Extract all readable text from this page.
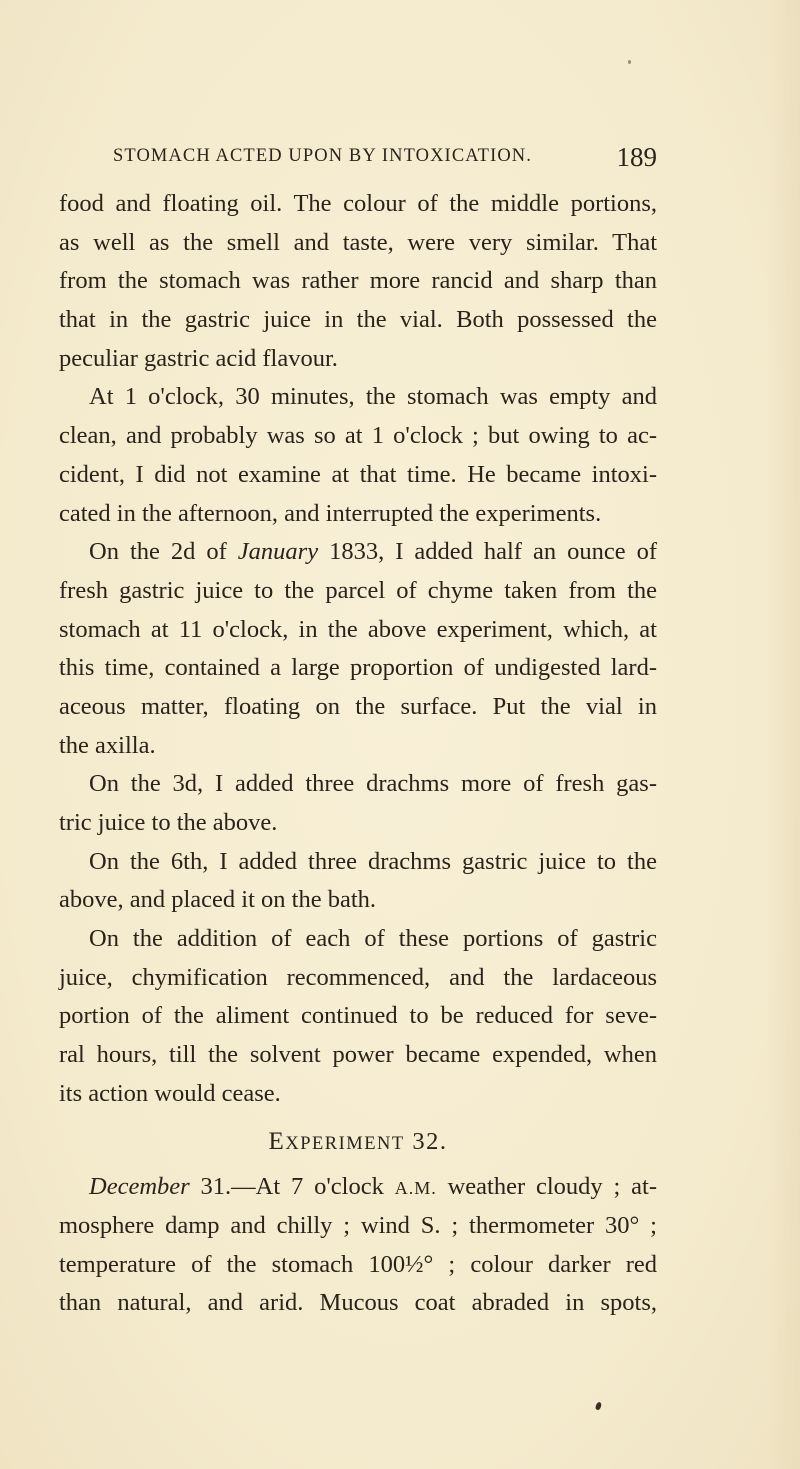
STOMACH ACTED UPON BY INTOXICATION.	189
food and floating oil. The colour of the middle portions,
as well as the smell and taste, were very similar. That
from the stomach was rather more rancid and sharp than
that in the gastric juice in the vial. Both possessed the
peculiar gastric acid flavour.
At 1 o'clock, 30 minutes, the stomach was empty and
clean, and probably was so at 1 o'clock ; but owing to ac-
cident, I did not examine at that time. He became intoxi-
cated in the afternoon, and interrupted the experiments.
On the 2d of January 1833, I added half an ounce of
fresh gastric juice to the parcel of chyme taken from the
stomach at 11 o'clock, in the above experiment, which, at
this time, contained a large proportion of undigested lard-
aceous matter, floating on the surface. Put the vial in
the axilla.
On the 3d, I added three drachms more of fresh gas-
tric juice to the above.
On the 6th, I added three drachms gastric juice to the
above, and placed it on the bath.
On the addition of each of these portions of gastric
juice, chymification recommenced, and the lardaceous
portion of the aliment continued to be reduced for seve-
ral hours, till the solvent power became expended, when
its action would cease.
EXPERIMENT 32.
December 31.—At 7 o'clock A.M. weather cloudy ; at-
mosphere damp and chilly ; wind S. ; thermometer 30° ;
temperature of the stomach 100½° ; colour darker red
than natural, and arid. Mucous coat abraded in spots,
